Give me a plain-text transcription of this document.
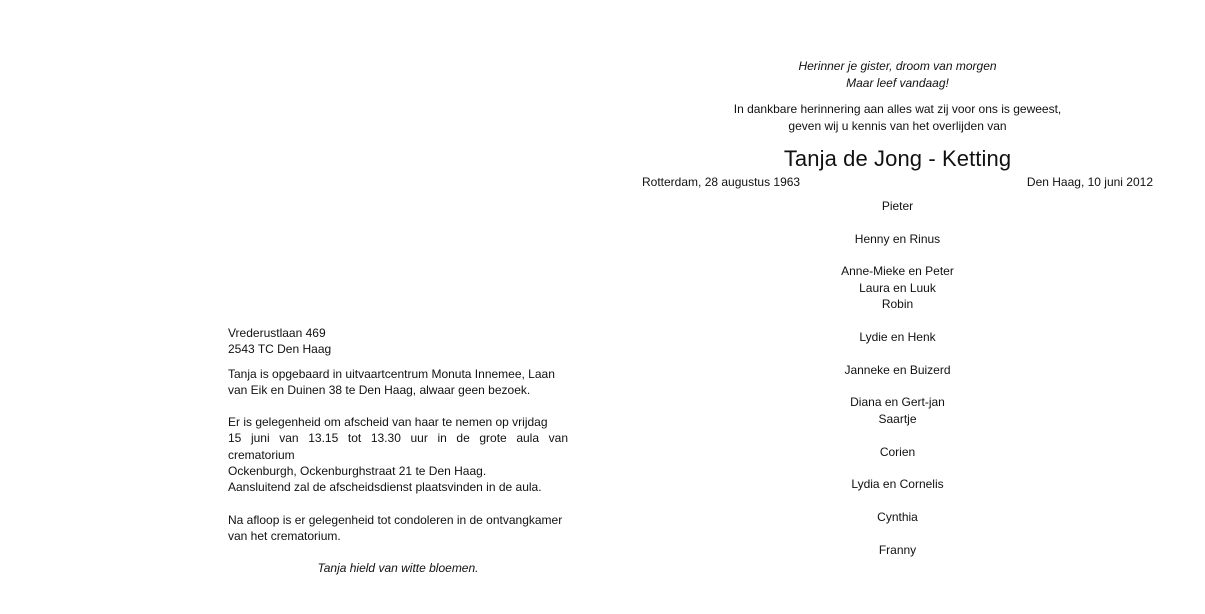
Herinner je gister, droom van morgen
Maar leef vandaag!
In dankbare herinnering aan alles wat zij voor ons is geweest,
geven wij u kennis van het overlijden van
Tanja de Jong - Ketting
Rotterdam, 28 augustus 1963	Den Haag, 10 juni 2012
Pieter
Henny en Rinus
Anne-Mieke en Peter
Laura en Luuk
Robin
Lydie en Henk
Janneke en Buizerd
Diana en Gert-jan
Saartje
Corien
Lydia en Cornelis
Cynthia
Franny

Vrederustlaan 469

2543 TC Den Haag

Tanja is opgebaard in uitvaartcentrum Monuta Innemee, Laan

van Eik en Duinen 38 te Den Haag, alwaar geen bezoek.

Er is gelegenheid om afscheid van haar te nemen op vrijdag

15 juni van 13.15 tot 13.30 uur in de grote aula van crematorium

Ockenburgh, Ockenburghstraat 21 te Den Haag.

Aansluitend zal de afscheidsdienst plaatsvinden in de aula.

Na afloop is er gelegenheid tot condoleren in de ontvangkamer

van het crematorium.

Tanja hield van witte bloemen.
